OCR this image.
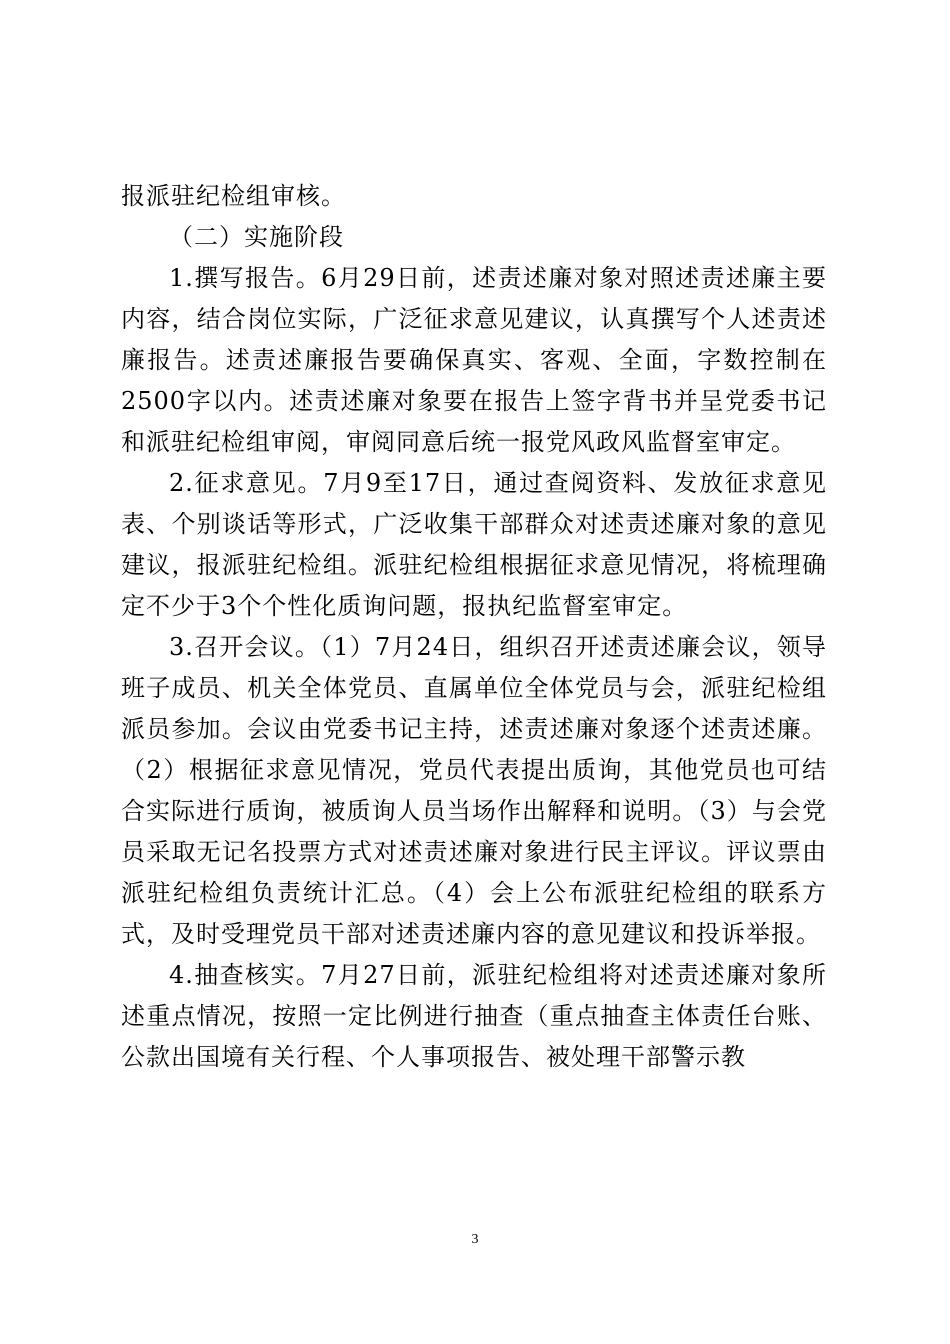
报派驻纪检组审核。

（二）实施阶段

1.撰写报告。6月29日前，述责述廉对象对照述责述廉主要内容，结合岗位实际，广泛征求意见建议，认真撰写个人述责述廉报告。述责述廉报告要确保真实、客观、全面，字数控制在2500字以内。述责述廉对象要在报告上签字背书并呈党委书记和派驻纪检组审阅，审阅同意后统一报党风政风监督室审定。

2.征求意见。7月9至17日，通过查阅资料、发放征求意见表、个别谈话等形式，广泛收集干部群众对述责述廉对象的意见建议，报派驻纪检组。派驻纪检组根据征求意见情况，将梳理确定不少于3个个性化质询问题，报执纪监督室审定。

3.召开会议。（1）7月24日，组织召开述责述廉会议，领导班子成员、机关全体党员、直属单位全体党员与会，派驻纪检组派员参加。会议由党委书记主持，述责述廉对象逐个述责述廉。（2）根据征求意见情况，党员代表提出质询，其他党员也可结合实际进行质询，被质询人员当场作出解释和说明。（3）与会党员采取无记名投票方式对述责述廉对象进行民主评议。评议票由派驻纪检组负责统计汇总。（4）会上公布派驻纪检组的联系方式，及时受理党员干部对述责述廉内容的意见建议和投诉举报。

4.抽查核实。7月27日前，派驻纪检组将对述责述廉对象所述重点情况，按照一定比例进行抽查（重点抽查主体责任台账、公款出国境有关行程、个人事项报告、被处理干部警示教

3
